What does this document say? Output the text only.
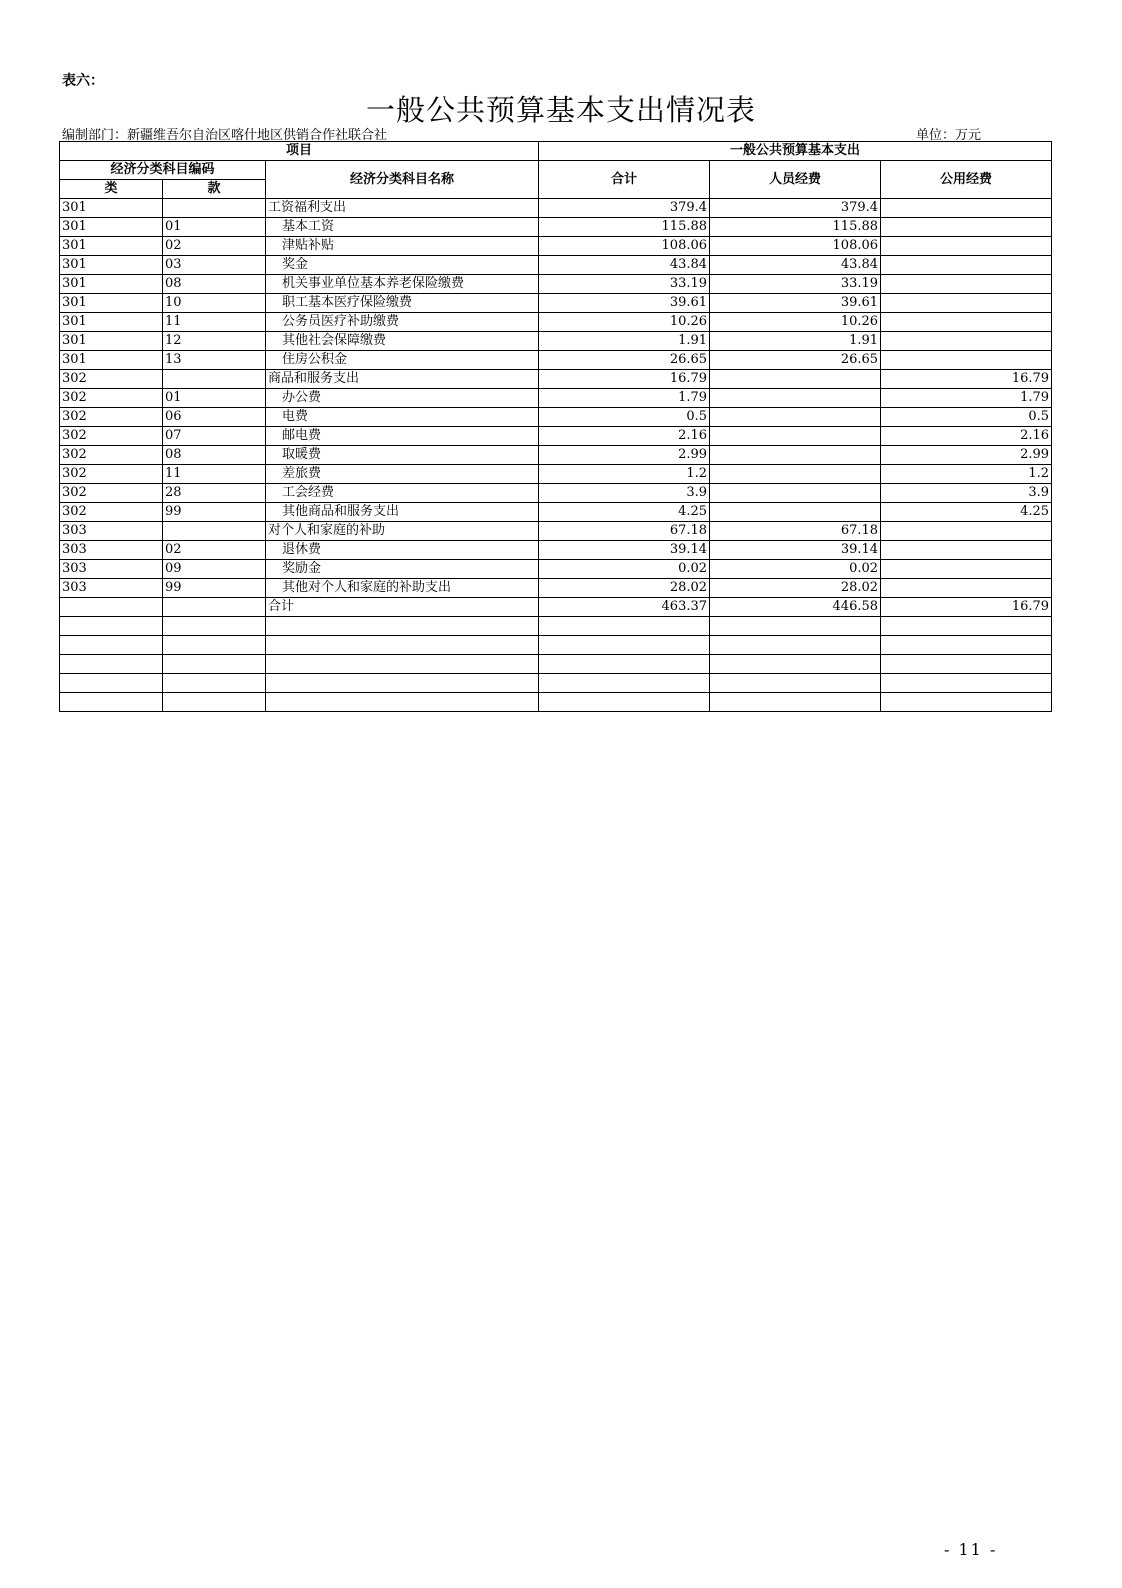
表六：
一般公共预算基本支出情况表
编制部门：新疆维吾尔自治区喀什地区供销合作社联合社	单位：万元
项目			一般公共预算基本支出		
经济分类科目编码		经济分类科目名称	合计	人员经费	公用经费
类	款				
301		工资福利支出	379.4	379.4	
301	01	基本工资	115.88	115.88	
301	02	津贴补贴	108.06	108.06	
301	03	奖金	43.84	43.84	
301	08	机关事业单位基本养老保险缴费	33.19	33.19	
301	10	职工基本医疗保险缴费	39.61	39.61	
301	11	公务员医疗补助缴费	10.26	10.26	
301	12	其他社会保障缴费	1.91	1.91	
301	13	住房公积金	26.65	26.65	
302		商品和服务支出	16.79		16.79
302	01	办公费	1.79		1.79
302	06	电费	0.5		0.5
302	07	邮电费	2.16		2.16
302	08	取暖费	2.99		2.99
302	11	差旅费	1.2		1.2
302	28	工会经费	3.9		3.9
302	99	其他商品和服务支出	4.25		4.25
303		对个人和家庭的补助	67.18	67.18	
303	02	退休费	39.14	39.14	
303	09	奖励金	0.02	0.02	
303	99	其他对个人和家庭的补助支出	28.02	28.02	
		合计	463.37	446.58	16.79

- 11 -
